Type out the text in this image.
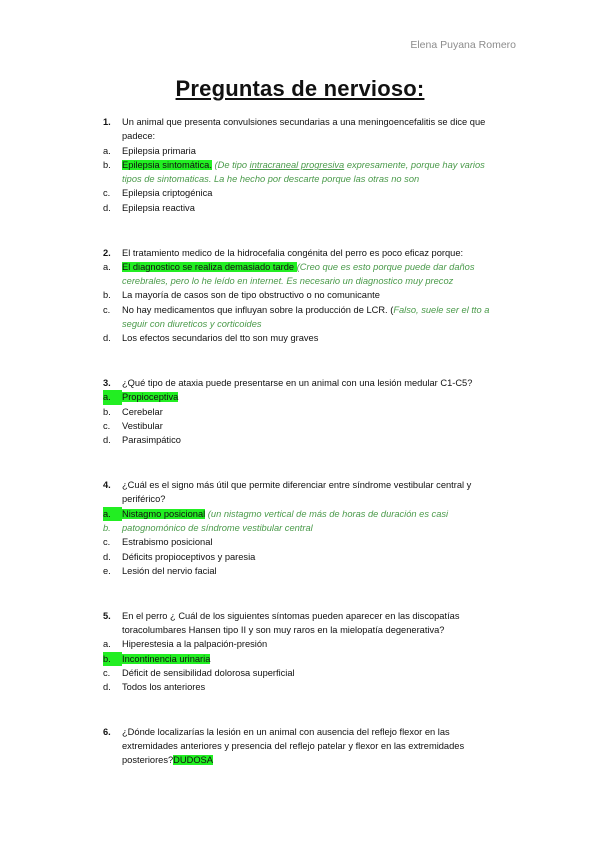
Elena Puyana Romero
Preguntas de nervioso:
1.	Un animal que presenta convulsiones secundarias a una meningoencefalitis se dice que padece:
a.	Epilepsia primaria
b.	Epilepsia sintomática. (De tipo intracraneal progresiva expresamente, porque hay varios tipos de sintomaticas. La he hecho por descarte porque las otras no son
c.	Epilepsia criptogénica
d.	Epilepsia reactiva
2.	El tratamiento medico de la hidrocefalia congénita del perro es poco eficaz porque:
a.	El diagnostico se realiza demasiado tarde (Creo que es esto porque puede dar daños cerebrales, pero lo he leído en internet. Es necesario un diagnostico muy precoz
b.	La mayoría de casos son de tipo obstructivo o no comunicante
c.	No hay medicamentos que influyan sobre la producción de LCR. (Falso, suele ser el tto a seguir con diureticos y corticoides
d.	Los efectos secundarios del tto son muy graves
3.	¿Qué tipo de ataxia puede presentarse en un animal con una lesión medular C1-C5?
a.	Propioceptiva
b.	Cerebelar
c.	Vestibular
d.	Parasimpático
4.	¿Cuál es el signo más útil que permite diferenciar entre síndrome vestibular central y periférico?
a.	Nistagmo posicional (un nistagmo vertical de más de horas de duración es casi
b.	patognomónico de síndrome vestibular central
c.	Estrabismo posicional
d.	Déficits propioceptivos y paresia
e.	Lesión del nervio facial
5.	En el perro ¿ Cuál de los siguientes síntomas pueden aparecer en las discopatías toracolumbares Hansen tipo II y son muy raros en la mielopatía degenerativa?
a.	Hiperestesia a la palpación-presión
b.	Incontinencia urinaria
c.	Déficit de sensibilidad dolorosa superficial
d.	Todos los anteriores
6.	¿Dónde localizarías la lesión en un animal con ausencia del reflejo flexor en las extremidades anteriores y presencia del reflejo patelar y flexor en las extremidades posteriores?DUDOSA
